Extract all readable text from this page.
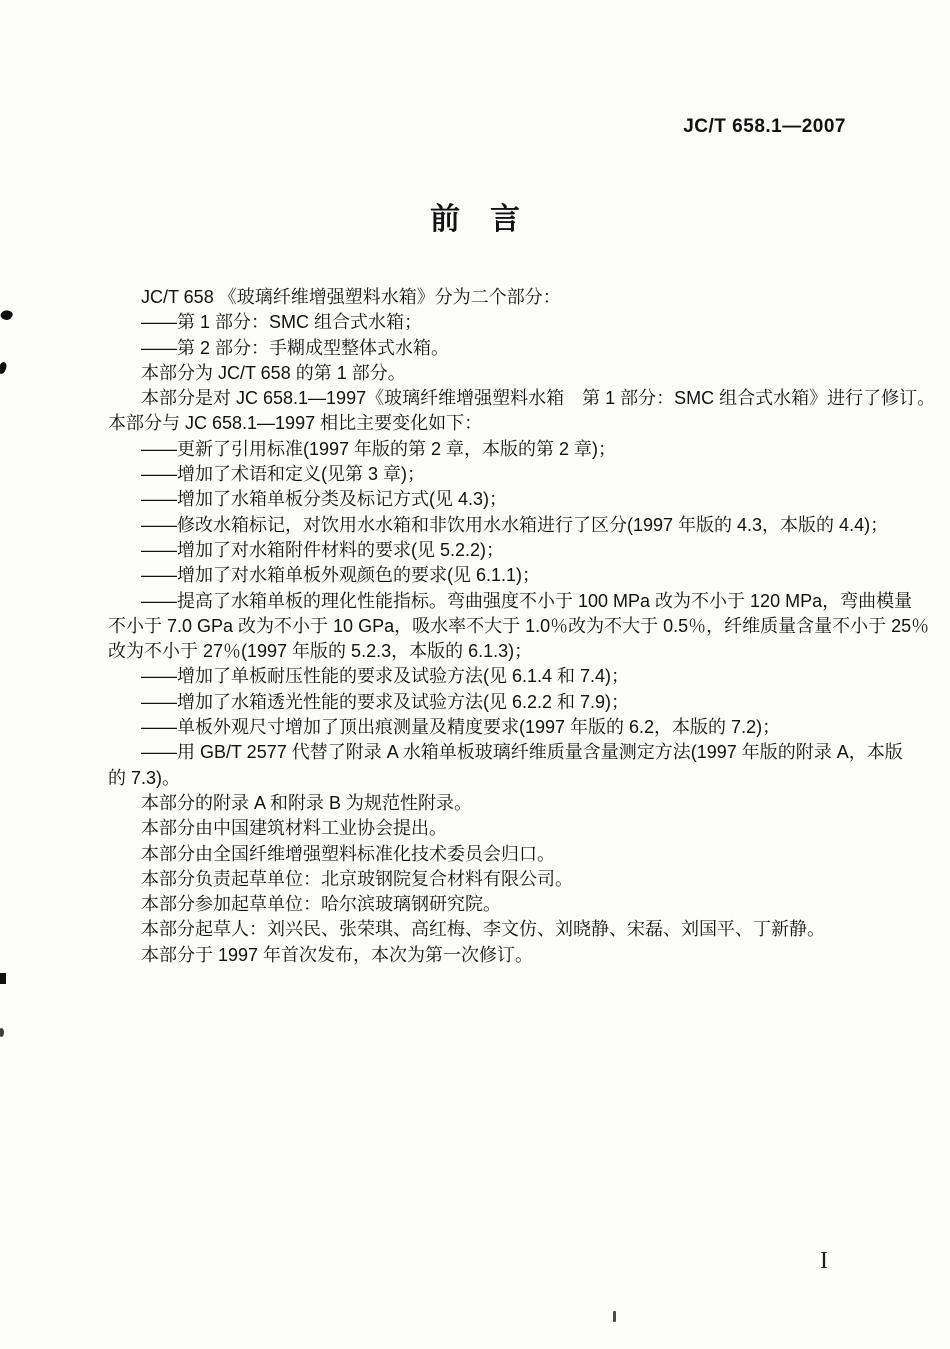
JC/T 658.1—2007
前　言
JC/T 658 《玻璃纤维增强塑料水箱》分为二个部分：
——第 1 部分：SMC 组合式水箱；
——第 2 部分：手糊成型整体式水箱。
本部分为 JC/T 658 的第 1 部分。
本部分是对 JC 658.1—1997《玻璃纤维增强塑料水箱　第 1 部分：SMC 组合式水箱》进行了修订。
本部分与 JC 658.1—1997 相比主要变化如下：
——更新了引用标准(1997 年版的第 2 章，本版的第 2 章)；
——增加了术语和定义(见第 3 章)；
——增加了水箱单板分类及标记方式(见 4.3)；
——修改水箱标记，对饮用水水箱和非饮用水水箱进行了区分(1997 年版的 4.3，本版的 4.4)；
——增加了对水箱附件材料的要求(见 5.2.2)；
——增加了对水箱单板外观颜色的要求(见 6.1.1)；
——提高了水箱单板的理化性能指标。弯曲强度不小于 100 MPa 改为不小于 120 MPa，弯曲模量
不小于 7.0 GPa 改为不小于 10 GPa，吸水率不大于 1.0％改为不大于 0.5％，纤维质量含量不小于 25％
改为不小于 27％(1997 年版的 5.2.3，本版的 6.1.3)；
——增加了单板耐压性能的要求及试验方法(见 6.1.4 和 7.4)；
——增加了水箱透光性能的要求及试验方法(见 6.2.2 和 7.9)；
——单板外观尺寸增加了顶出痕测量及精度要求(1997 年版的 6.2，本版的 7.2)；
——用 GB/T 2577 代替了附录 A 水箱单板玻璃纤维质量含量测定方法(1997 年版的附录 A，本版
的 7.3)。
本部分的附录 A 和附录 B 为规范性附录。
本部分由中国建筑材料工业协会提出。
本部分由全国纤维增强塑料标准化技术委员会归口。
本部分负责起草单位：北京玻钢院复合材料有限公司。
本部分参加起草单位：哈尔滨玻璃钢研究院。
本部分起草人：刘兴民、张荣琪、高红梅、李文仿、刘晓静、宋磊、刘国平、丁新静。
本部分于 1997 年首次发布，本次为第一次修订。
I
